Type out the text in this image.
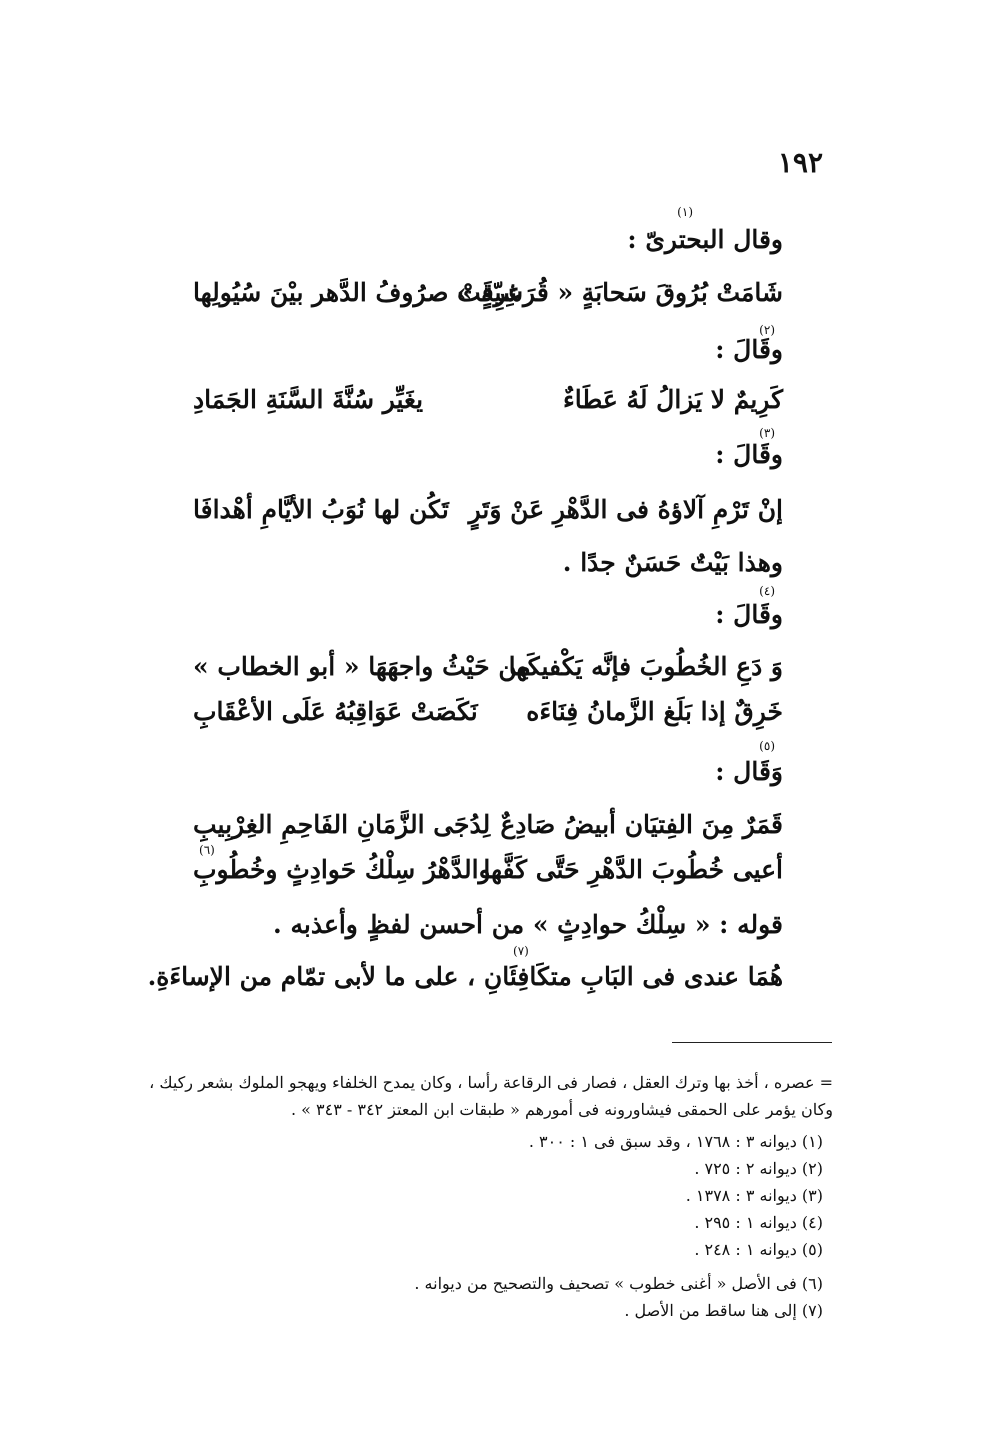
١٩٢
وقال البحترىّ :
(١)
شَامَتْ بُرُوقَ سَحابَةٍ « قُرَشِيّةٍ »
غرِقَتْ صرُوفُ الدَّهر بيْنَ سُيُولِها
وقَالَ :
(٢)
كَرِيمٌ لا يَزالُ لَهُ عَطَاءٌ
يغَيِّر سُنَّةَ السَّنَةِ الجَمَادِ
وقَالَ :
(٣)
إنْ تَرْمِ آلاؤهُ فى الدَّهْرِ عَنْ وَتَرٍ
تَكُن لها نُوَبُ الأيَّامِ أهْدافَا
وهذا بَيْتٌ حَسَنٌ جدًا .
وقَالَ :
(٤)
وَ دَعِ الخُطُوبَ فإنَّه يَكْفيكَها
مِن حَيْثُ واجهَهَا « أبو الخطاب »
خَرِقٌ إذا بَلَغ الزَّمانُ فِنَاءَه
نَكَصَتْ عَوَاقِبُهُ عَلَى الأعْقَابِ
وَقَال :
(٥)
قَمَرٌ مِنَ الفِتيَان أبيضُ صَادِعٌ
لِدُجَى الزَّمَانِ الفَاحِمِ الغِرْبِيبِ
أعيى خُطُوبَ الدَّهْرِ حَتَّى كَفَّها
والدَّهْرُ سِلْكُ حَوادِثٍ وخُطُوبِ
(٦)
قوله : « سِلْكُ حوادِثٍ » من أحسن لفظٍ وأعذبه .
هُمَا عندى فى البَابِ متكَافِئَانِ ، على ما لأبى تمّام من الإساءَةِ.
(٧)
= عصره ، أخذ بها وترك العقل ، فصار فى الرقاعة رأسا ، وكان يمدح الخلفاء ويهجو الملوك بشعر ركيك ،
وكان يؤمر على الحمقى فيشاورونه فى أمورهم « طبقات ابن المعتز ٣٤٢ - ٣٤٣ » .
(١) ديوانه ٣ : ١٧٦٨ ، وقد سبق فى ١ : ٣٠٠ .
(٢) ديوانه ٢ : ٧٢٥ .
(٣) ديوانه ٣ : ١٣٧٨ .
(٤) ديوانه ١ : ٢٩٥ .
(٥) ديوانه ١ : ٢٤٨ .
(٦) فى الأصل « أغنى خطوب » تصحيف والتصحيح من ديوانه .
(٧) إلى هنا ساقط من الأصل .
